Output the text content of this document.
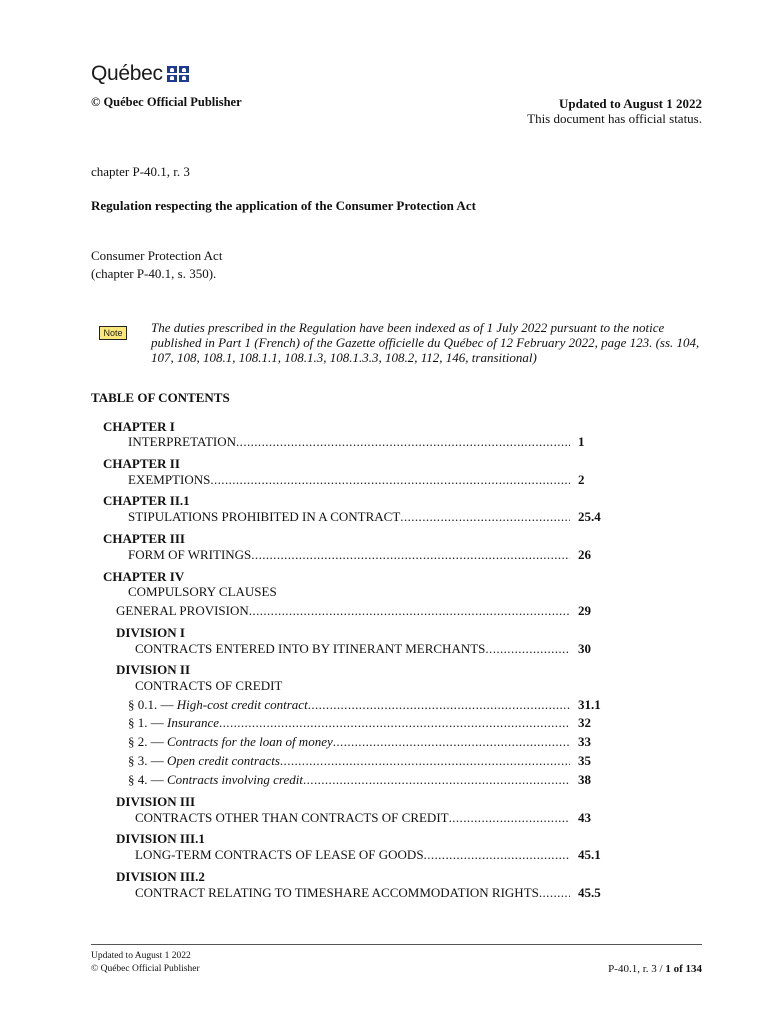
Québec
© Québec Official Publisher	Updated to August 1 2022
This document has official status.
chapter P-40.1, r. 3
Regulation respecting the application of the Consumer Protection Act
Consumer Protection Act
(chapter P-40.1, s. 350).
Note	The duties prescribed in the Regulation have been indexed as of 1 July 2022 pursuant to the notice published in Part 1 (French) of the Gazette officielle du Québec of 12 February 2022, page 123. (ss. 104, 107, 108, 108.1, 108.1.1, 108.1.3, 108.1.3.3, 108.2, 112, 146, transitional)
TABLE OF CONTENTS
CHAPTER I
INTERPRETATION .....	1
CHAPTER II
EXEMPTIONS .....	2
CHAPTER II.1
STIPULATIONS PROHIBITED IN A CONTRACT .....	25.4
CHAPTER III
FORM OF WRITINGS .....	26
CHAPTER IV
COMPULSORY CLAUSES
GENERAL PROVISION .....	29
DIVISION I
CONTRACTS ENTERED INTO BY ITINERANT MERCHANTS .....	30
DIVISION II
CONTRACTS OF CREDIT
§ 0.1. — High-cost credit contract .....	31.1
§ 1. — Insurance .....	32
§ 2. — Contracts for the loan of money .....	33
§ 3. — Open credit contracts .....	35
§ 4. — Contracts involving credit .....	38
DIVISION III
CONTRACTS OTHER THAN CONTRACTS OF CREDIT .....	43
DIVISION III.1
LONG-TERM CONTRACTS OF LEASE OF GOODS .....	45.1
DIVISION III.2
CONTRACT RELATING TO TIMESHARE ACCOMMODATION RIGHTS .....	45.5
Updated to August 1 2022
© Québec Official Publisher	P-40.1, r. 3 / 1 of 134
